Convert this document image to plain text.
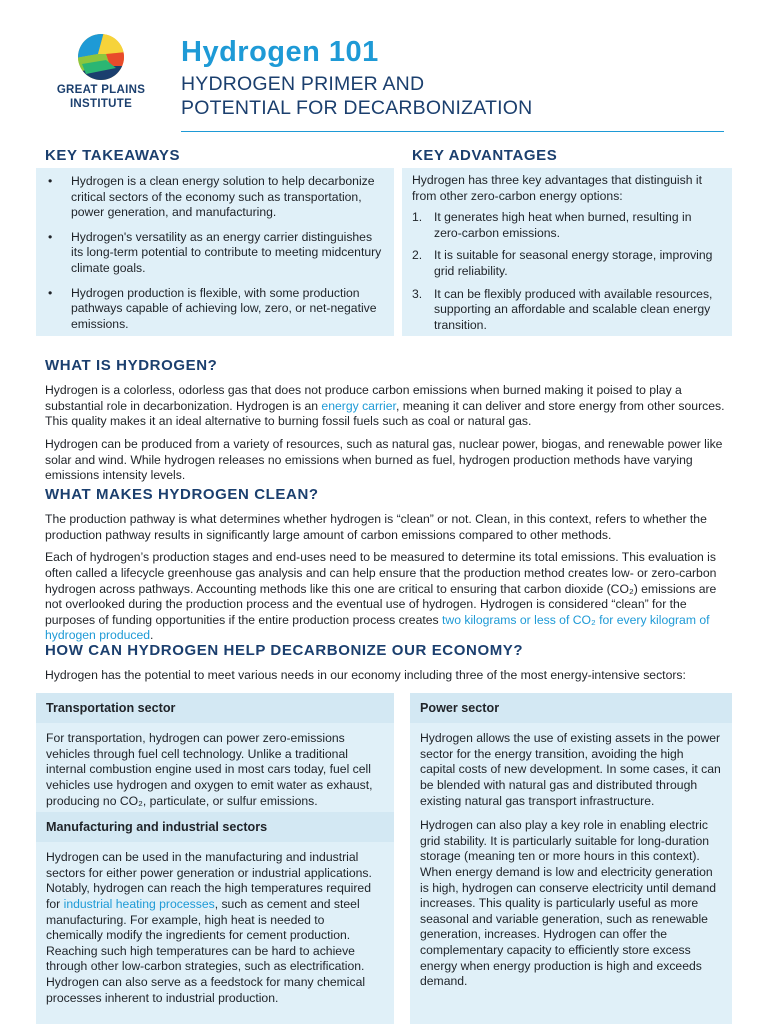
GREAT PLAINS
INSTITUTE
Hydrogen 101
HYDROGEN PRIMER AND
POTENTIAL FOR DECARBONIZATION
KEY TAKEAWAYS	KEY ADVANTAGES
• Hydrogen is a clean energy solution to help decarbonize critical sectors of the economy such as transportation, power generation, and manufacturing.
• Hydrogen's versatility as an energy carrier distinguishes its long-term potential to contribute to meeting midcentury climate goals.
• Hydrogen production is flexible, with some production pathways capable of achieving low, zero, or net-negative emissions.

Hydrogen has three key advantages that distinguish it from other zero-carbon energy options:

1. It generates high heat when burned, resulting in zero-carbon emissions.
2. It is suitable for seasonal energy storage, improving grid reliability.
3. It can be flexibly produced with available resources, supporting an affordable and scalable clean energy transition.
WHAT IS HYDROGEN?

Hydrogen is a colorless, odorless gas that does not produce carbon emissions when burned making it poised to play a substantial role in decarbonization. Hydrogen is an energy carrier, meaning it can deliver and store energy from other sources. This quality makes it an ideal alternative to burning fossil fuels such as coal or natural gas.

Hydrogen can be produced from a variety of resources, such as natural gas, nuclear power, biogas, and renewable power like solar and wind. While hydrogen releases no emissions when burned as fuel, hydrogen production methods have varying emissions intensity levels.

WHAT MAKES HYDROGEN CLEAN?

The production pathway is what determines whether hydrogen is “clean” or not. Clean, in this context, refers to whether the production pathway results in significantly large amount of carbon emissions compared to other methods.

Each of hydrogen’s production stages and end-uses need to be measured to determine its total emissions. This evaluation is often called a lifecycle greenhouse gas analysis and can help ensure that the production method creates low- or zero-carbon hydrogen across pathways. Accounting methods like this one are critical to ensuring that carbon dioxide (CO₂) emissions are not overlooked during the production process and the eventual use of hydrogen. Hydrogen is considered “clean” for the purposes of funding opportunities if the entire production process creates two kilograms or less of CO₂ for every kilogram of hydrogen produced.

HOW CAN HYDROGEN HELP DECARBONIZE OUR ECONOMY?

Hydrogen has the potential to meet various needs in our economy including three of the most energy-intensive sectors:

Transportation sector
For transportation, hydrogen can power zero-emissions vehicles through fuel cell technology. Unlike a traditional internal combustion engine used in most cars today, fuel cell vehicles use hydrogen and oxygen to emit water as exhaust, producing no CO₂, particulate, or sulfur emissions.
Manufacturing and industrial sectors
Hydrogen can be used in the manufacturing and industrial sectors for either power generation or industrial applications. Notably, hydrogen can reach the high temperatures required for industrial heating processes, such as cement and steel manufacturing. For example, high heat is needed to chemically modify the ingredients for cement production. Reaching such high temperatures can be hard to achieve through other low-carbon strategies, such as electrification. Hydrogen can also serve as a feedstock for many chemical processes inherent to industrial production.
Power sector

Hydrogen allows the use of existing assets in the power sector for the energy transition, avoiding the high capital costs of new development. In some cases, it can be blended with natural gas and distributed through existing natural gas transport infrastructure.

Hydrogen can also play a key role in enabling electric grid stability. It is particularly suitable for long-duration storage (meaning ten or more hours in this context). When energy demand is low and electricity generation is high, hydrogen can conserve electricity until demand increases. This quality is particularly useful as more seasonal and variable generation, such as renewable generation, increases. Hydrogen can offer the complementary capacity to efficiently store excess energy when energy production is high and exceeds demand.
